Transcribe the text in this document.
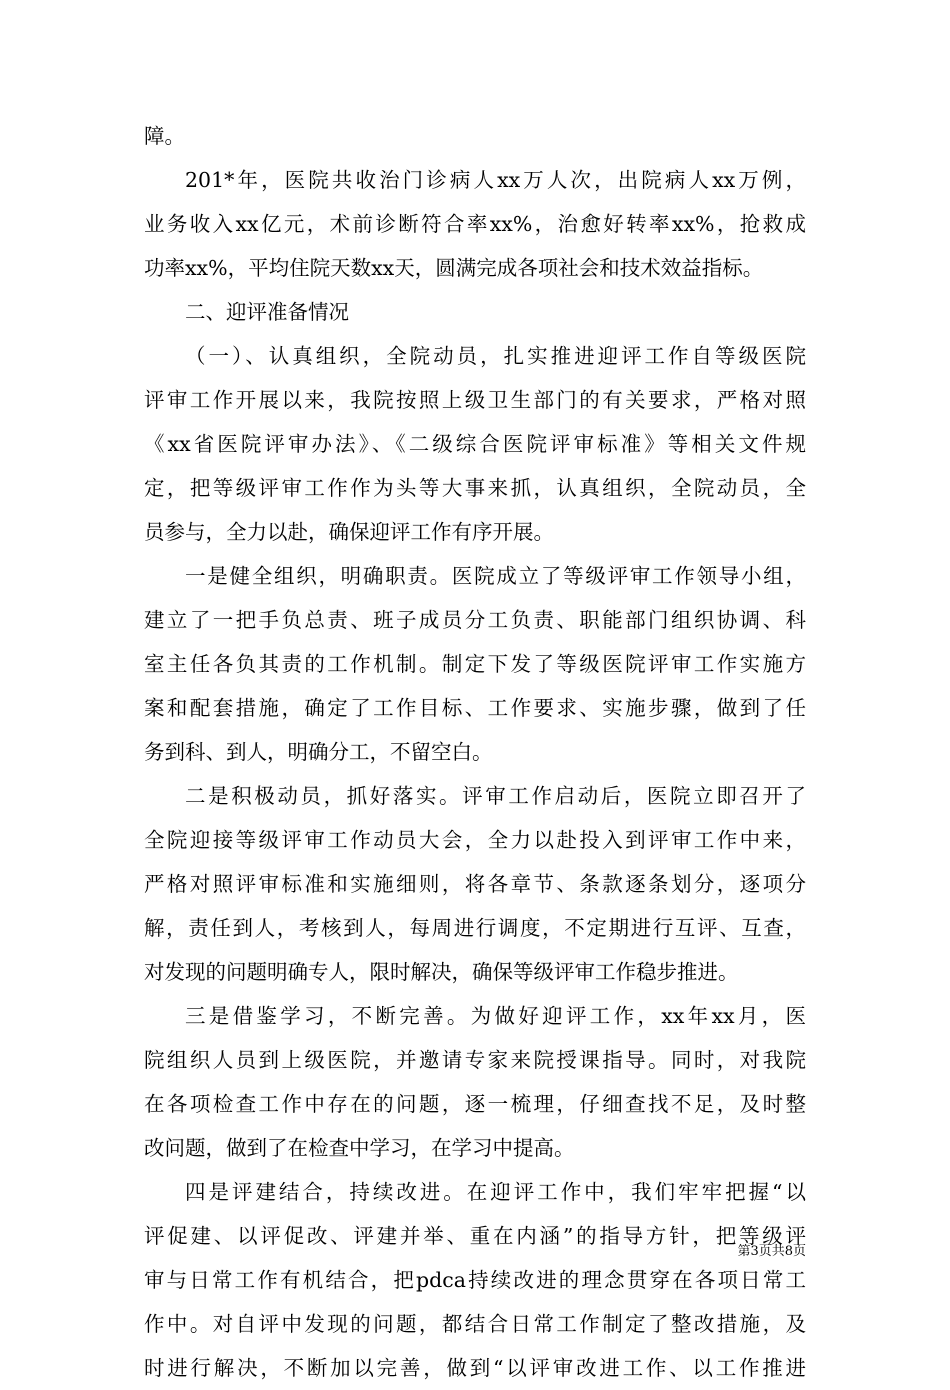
障。
201*年，医院共收治门诊病人xx万人次，出院病人xx万例，
业务收入xx亿元，术前诊断符合率xx%，治愈好转率xx%，抢救成
功率xx%，平均住院天数xx天，圆满完成各项社会和技术效益指标。
二、迎评准备情况
（一）、认真组织，全院动员，扎实推进迎评工作自等级医院
评审工作开展以来，我院按照上级卫生部门的有关要求，严格对照
《xx省医院评审办法》、《二级综合医院评审标准》等相关文件规
定，把等级评审工作作为头等大事来抓，认真组织，全院动员，全
员参与，全力以赴，确保迎评工作有序开展。
一是健全组织，明确职责。医院成立了等级评审工作领导小组，
建立了一把手负总责、班子成员分工负责、职能部门组织协调、科
室主任各负其责的工作机制。制定下发了等级医院评审工作实施方
案和配套措施，确定了工作目标、工作要求、实施步骤，做到了任
务到科、到人，明确分工，不留空白。
二是积极动员，抓好落实。评审工作启动后，医院立即召开了
全院迎接等级评审工作动员大会，全力以赴投入到评审工作中来，
严格对照评审标准和实施细则，将各章节、条款逐条划分，逐项分
解，责任到人，考核到人，每周进行调度，不定期进行互评、互查，
对发现的问题明确专人，限时解决，确保等级评审工作稳步推进。
三是借鉴学习，不断完善。为做好迎评工作，xx年xx月，医
院组织人员到上级医院，并邀请专家来院授课指导。同时，对我院
在各项检查工作中存在的问题，逐一梳理，仔细查找不足，及时整
改问题，做到了在检查中学习，在学习中提高。
四是评建结合，持续改进。在迎评工作中，我们牢牢把握“以
评促建、以评促改、评建并举、重在内涵”的指导方针，把等级评
审与日常工作有机结合，把pdca持续改进的理念贯穿在各项日常工
作中。对自评中发现的问题，都结合日常工作制定了整改措施，及
时进行解决，不断加以完善，做到“以评审改进工作、以工作推进
第3页共8页
